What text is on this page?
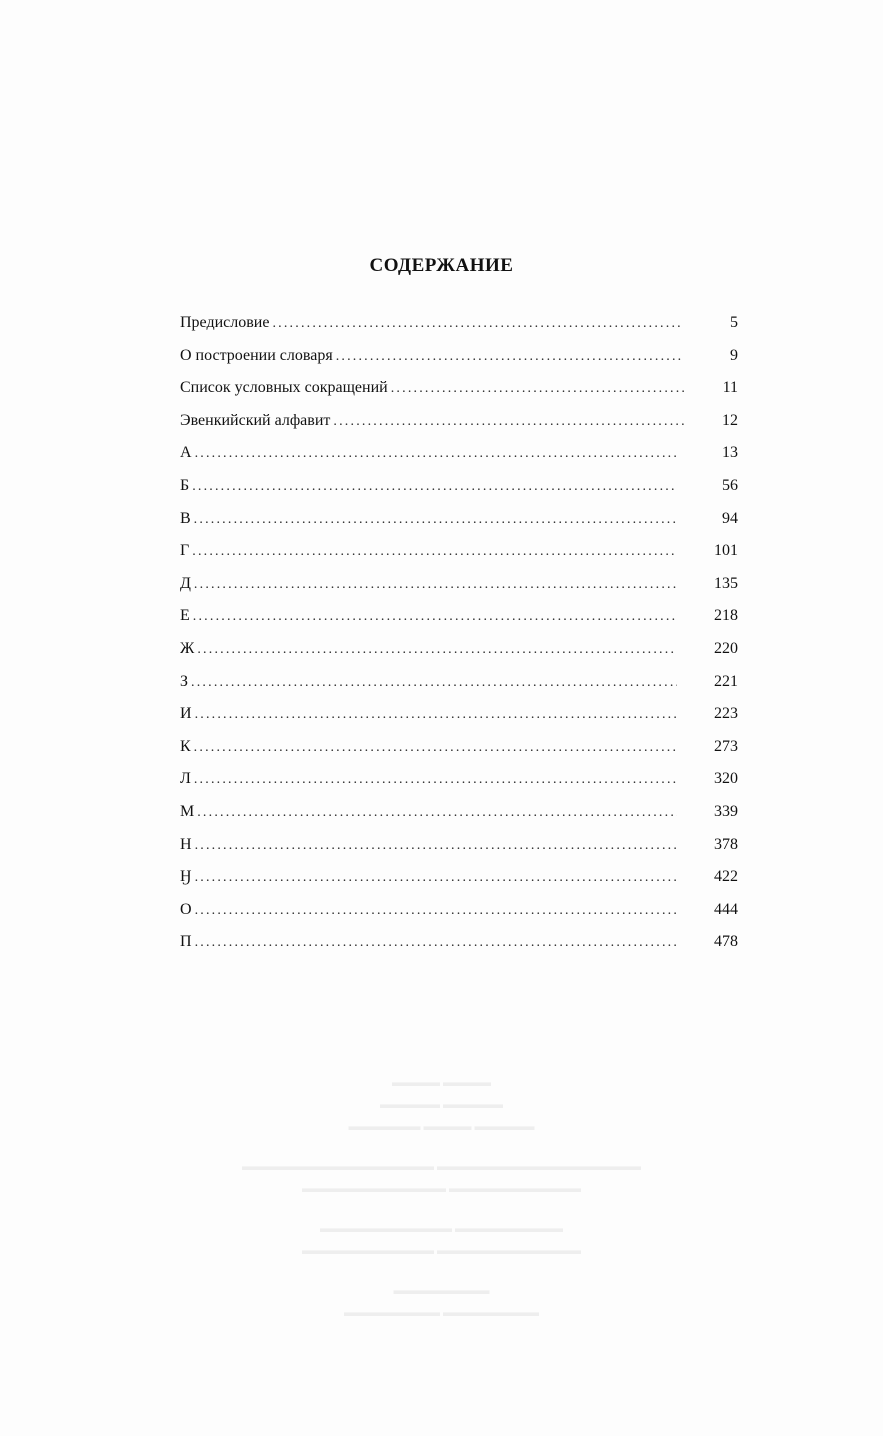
СОДЕРЖАНИЕ
Предисловие .....	5
О построении словаря .....	9
Список условных сокращений .....	11
Эвенкийский алфавит .....	12
А .....	13
Б .....	56
В .....	94
Г .....	101
Д .....	135
Е .....	218
Ж .....	220
З .....	221
И .....	223
К .....	273
Л .....	320
М .....	339
Н .....	378
Ӈ .....	422
О .....	444
П .....	478
▬▬▬▬ ▬▬▬▬
▬▬▬▬▬ ▬▬▬▬▬
▬▬▬▬▬▬ ▬▬▬▬ ▬▬▬▬▬
▬▬▬▬▬▬▬▬▬▬▬▬▬▬▬▬ ▬▬▬▬▬▬▬▬▬▬▬▬▬▬▬▬▬
▬▬▬▬▬▬▬▬▬▬▬▬ ▬▬▬▬▬▬▬▬▬▬▬
▬▬▬▬▬▬▬▬▬▬▬ ▬▬▬▬▬▬▬▬▬
▬▬▬▬▬▬▬▬▬▬▬ ▬▬▬▬▬▬▬▬▬▬▬▬
▬▬▬▬▬▬▬▬
▬▬▬▬▬▬▬▬ ▬▬▬▬▬▬▬▬
